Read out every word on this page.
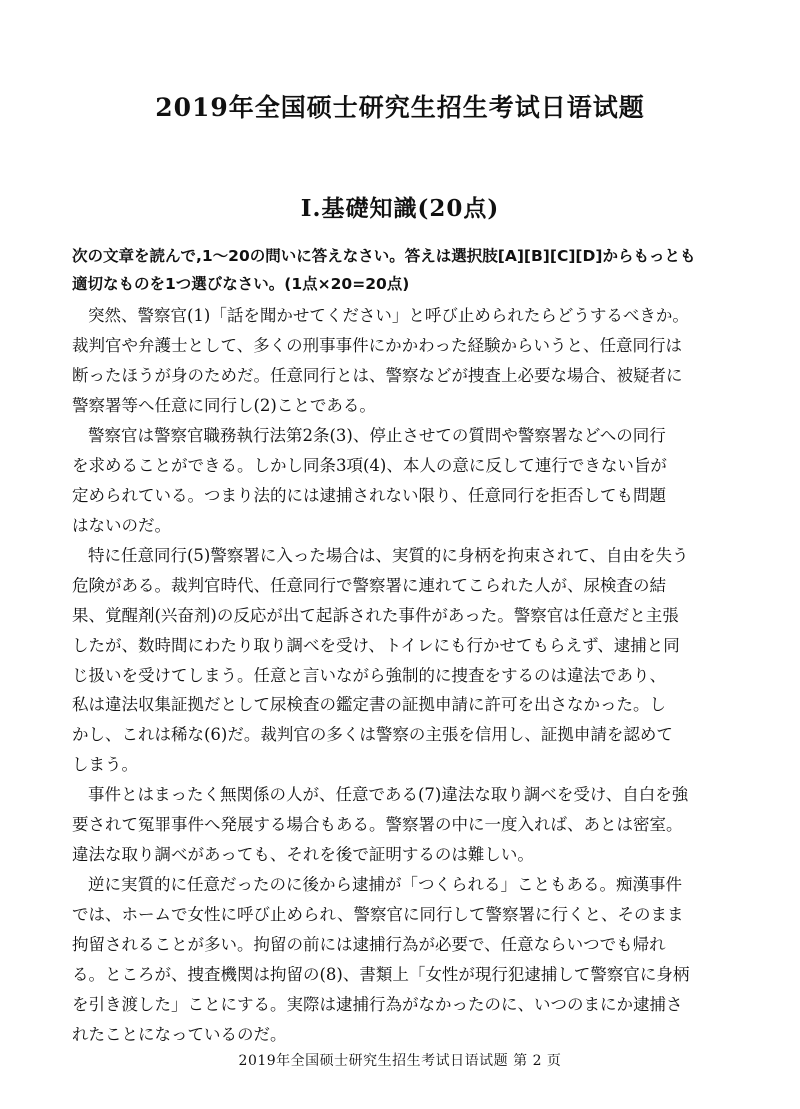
2019年全国硕士研究生招生考试日语试题
Ⅰ.基礎知識(20点)
次の文章を読んで,1～20の問いに答えなさい。答えは選択肢[A][B][C][D]からもっとも
適切なものを1つ選びなさい。(1点×20=20点)
突然、警察官(1)「話を聞かせてください」と呼び止められたらどうするべきか。
裁判官や弁護士として、多くの刑事事件にかかわった経験からいうと、任意同行は
断ったほうが身のためだ。任意同行とは、警察などが捜査上必要な場合、被疑者に
警察署等へ任意に同行し(2)ことである。
警察官は警察官職務執行法第2条(3)、停止させての質問や警察署などへの同行
を求めることができる。しかし同条3項(4)、本人の意に反して連行できない旨が
定められている。つまり法的には逮捕されない限り、任意同行を拒否しても問題
はないのだ。
特に任意同行(5)警察署に入った場合は、実質的に身柄を拘束されて、自由を失う
危険がある。裁判官時代、任意同行で警察署に連れてこられた人が、尿検査の結
果、覚醒剤(兴奋剂)の反応が出て起訴された事件があった。警察官は任意だと主張
したが、数時間にわたり取り調べを受け、トイレにも行かせてもらえず、逮捕と同
じ扱いを受けてしまう。任意と言いながら強制的に捜査をするのは違法であり、
私は違法収集証拠だとして尿検査の鑑定書の証拠申請に許可を出さなかった。し
かし、これは稀な(6)だ。裁判官の多くは警察の主張を信用し、証拠申請を認めて
しまう。
事件とはまったく無関係の人が、任意である(7)違法な取り調べを受け、自白を強
要されて冤罪事件へ発展する場合もある。警察署の中に一度入れば、あとは密室。
違法な取り調べがあっても、それを後で証明するのは難しい。
逆に実質的に任意だったのに後から逮捕が「つくられる」こともある。痴漢事件
では、ホームで女性に呼び止められ、警察官に同行して警察署に行くと、そのまま
拘留されることが多い。拘留の前には逮捕行為が必要で、任意ならいつでも帰れ
る。ところが、捜査機関は拘留の(8)、書類上「女性が現行犯逮捕して警察官に身柄
を引き渡した」ことにする。実際は逮捕行為がなかったのに、いつのまにか逮捕さ
れたことになっているのだ。
2019年全国硕士研究生招生考试日语试题 第 2 页
